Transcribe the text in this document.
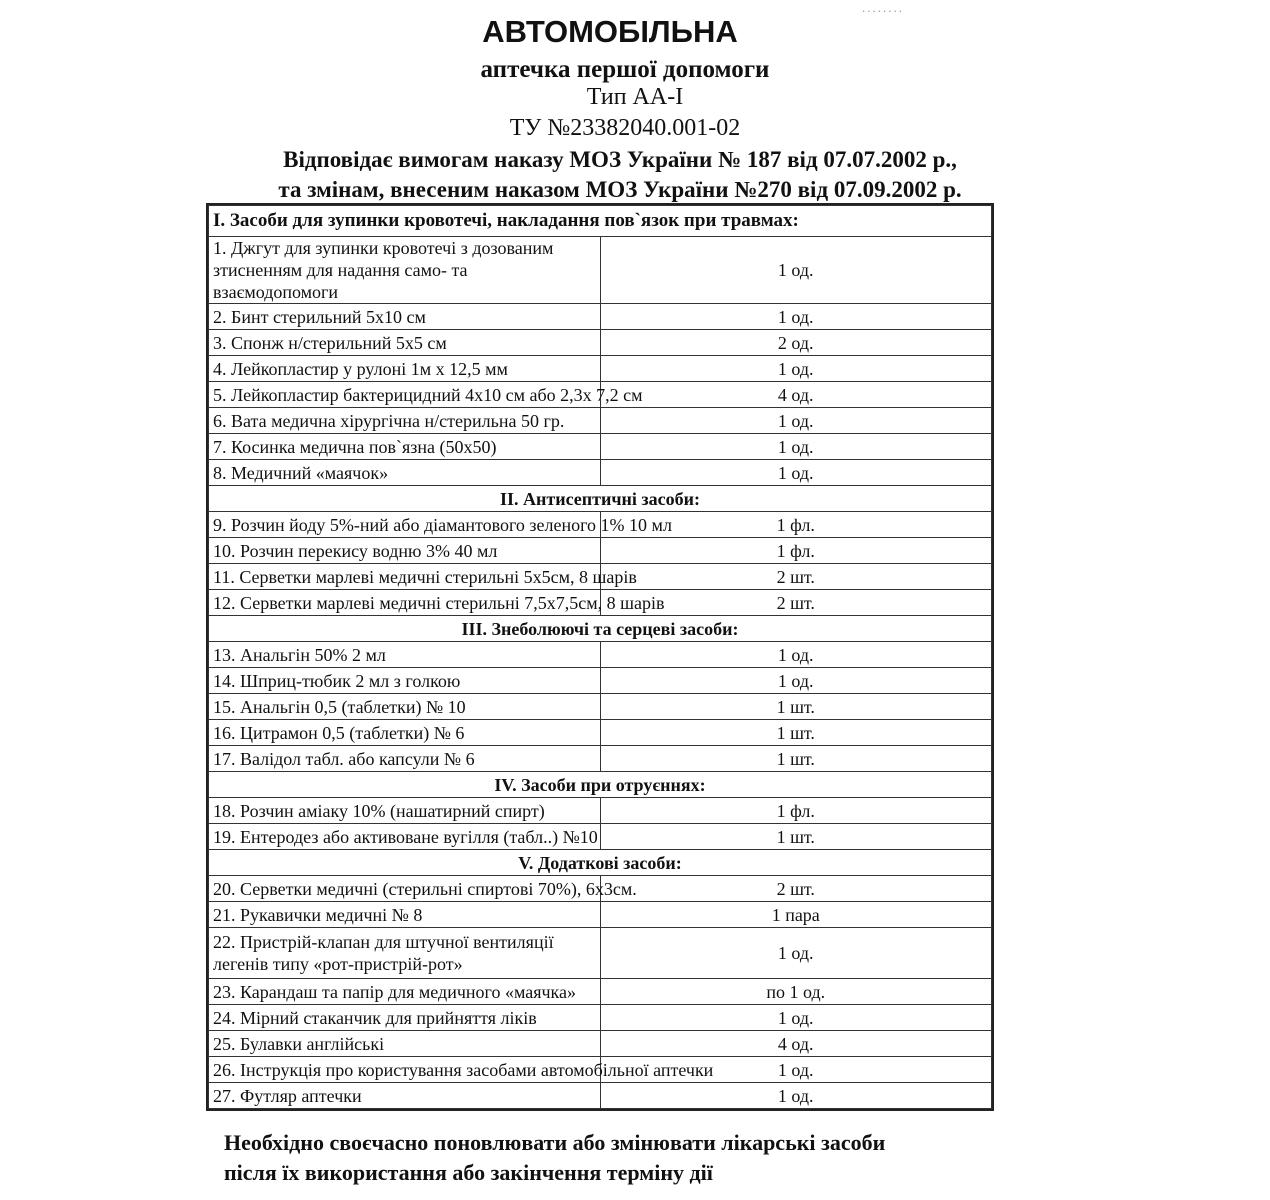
........
АВТОМОБІЛЬНА
аптечка першої допомоги
Тип АА-І
ТУ №23382040.001-02
Відповідає вимогам наказу МОЗ України № 187 від 07.07.2002 р.,
та змінам, внесеним наказом МОЗ України №270 від 07.09.2002 р.
І. Засоби для зупинки кровотечі, накладання пов`язок при травмах:	
1. Джгут для зупинки кровотечі з дозованим зтисненням для надання само- та взаємодопомоги	1 од.
2. Бинт стерильний 5х10 см	1 од.
3. Спонж н/стерильний 5х5 см	2 од.
4. Лейкопластир у рулоні 1м х 12,5 мм	1 од.
5. Лейкопластир бактерицидний 4х10 см або 2,3х 7,2 см	4 од.
6. Вата медична хірургічна н/стерильна 50 гр.	1 од.
7. Косинка медична пов`язна (50х50)	1 од.
8. Медичний «маячок»	1 од.
ІІ. Антисептичні засоби:	
9. Розчин йоду 5%-ний або діамантового зеленого 1% 10 мл	1 фл.
10. Розчин перекису водню 3% 40 мл	1 фл.
11. Серветки марлеві медичні стерильні 5х5см, 8 шарів	2 шт.
12. Серветки марлеві медичні стерильні 7,5х7,5см, 8 шарів	2 шт.
ІІІ. Знеболюючі та серцеві засоби:	
13. Анальгін 50% 2 мл	1 од.
14. Шприц-тюбик 2 мл з голкою	1 од.
15. Анальгін 0,5 (таблетки) № 10	1 шт.
16. Цитрамон 0,5 (таблетки) № 6	1 шт.
17. Валідол табл. або капсули № 6	1 шт.
IV. Засоби при отруєннях:	
18. Розчин аміаку 10% (нашатирний спирт)	1 фл.
19. Ентеродез або активоване вугілля (табл..) №10	1 шт.
V. Додаткові засоби:	
20. Серветки медичні (стерильні спиртові 70%), 6х3см.	2 шт.
21. Рукавички медичні № 8	1 пара
22. Пристрій-клапан для штучної вентиляції легенів типу «рот-пристрій-рот»	1 од.
23. Карандаш та папір для медичного «маячка»	по 1 од.
24. Мірний стаканчик для прийняття ліків	1 од.
25. Булавки англійські	4 од.
26. Інструкція про користування засобами автомобільної аптечки	1 од.
27. Футляр аптечки	1 од.
Необхідно своєчасно поновлювати або змінювати лікарські засоби
після їх використання або закінчення терміну дії
